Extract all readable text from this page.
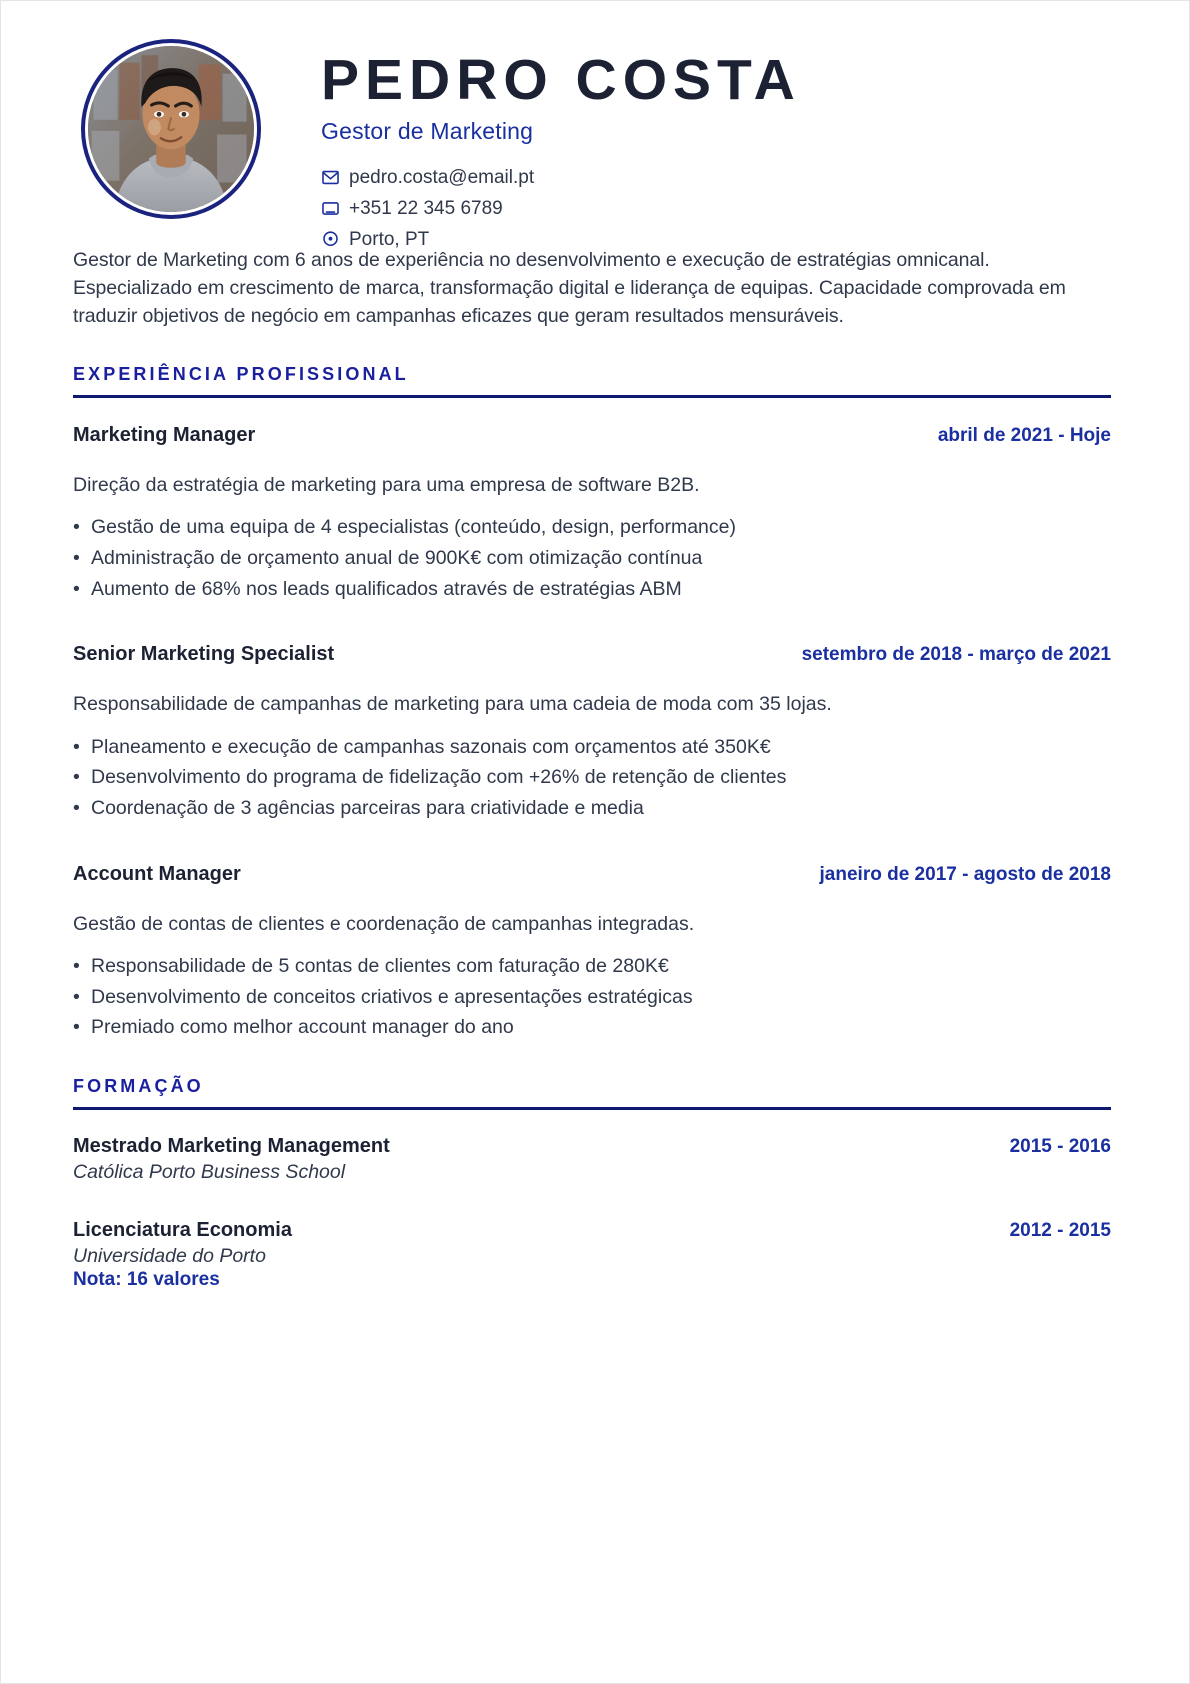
PEDRO COSTA
Gestor de Marketing
pedro.costa@email.pt
+351 22 345 6789
Porto, PT
Gestor de Marketing com 6 anos de experiência no desenvolvimento e execução de estratégias omnicanal. Especializado em crescimento de marca, transformação digital e liderança de equipas. Capacidade comprovada em traduzir objetivos de negócio em campanhas eficazes que geram resultados mensuráveis.
EXPERIÊNCIA PROFISSIONAL
Marketing Manager	abril de 2021 - Hoje
Direção da estratégia de marketing para uma empresa de software B2B.
• Gestão de uma equipa de 4 especialistas (conteúdo, design, performance)
• Administração de orçamento anual de 900K€ com otimização contínua
• Aumento de 68% nos leads qualificados através de estratégias ABM
Senior Marketing Specialist	setembro de 2018 - março de 2021
Responsabilidade de campanhas de marketing para uma cadeia de moda com 35 lojas.
• Planeamento e execução de campanhas sazonais com orçamentos até 350K€
• Desenvolvimento do programa de fidelização com +26% de retenção de clientes
• Coordenação de 3 agências parceiras para criatividade e media
Account Manager	janeiro de 2017 - agosto de 2018
Gestão de contas de clientes e coordenação de campanhas integradas.
• Responsabilidade de 5 contas de clientes com faturação de 280K€
• Desenvolvimento de conceitos criativos e apresentações estratégicas
• Premiado como melhor account manager do ano
FORMAÇÃO
Mestrado Marketing Management	2015 - 2016
Católica Porto Business School
Licenciatura Economia	2012 - 2015
Universidade do Porto
Nota: 16 valores
